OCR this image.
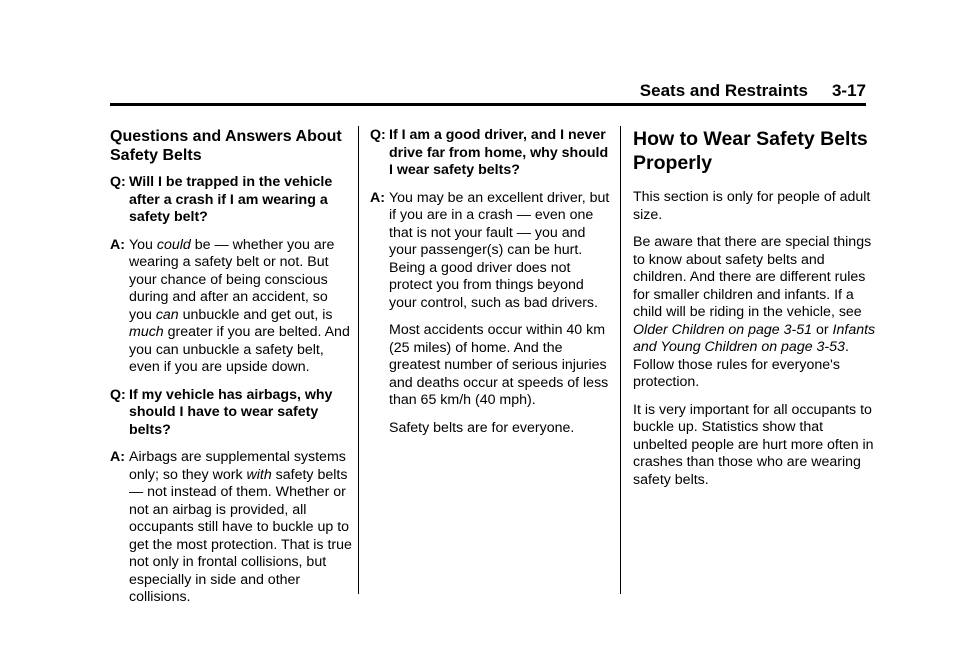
Seats and Restraints 3-17
Questions and Answers About Safety Belts
Q: Will I be trapped in the vehicle after a crash if I am wearing a safety belt?
A: You could be — whether you are wearing a safety belt or not. But your chance of being conscious during and after an accident, so you can unbuckle and get out, is much greater if you are belted. And you can unbuckle a safety belt, even if you are upside down.
Q: If my vehicle has airbags, why should I have to wear safety belts?
A: Airbags are supplemental systems only; so they work with safety belts — not instead of them. Whether or not an airbag is provided, all occupants still have to buckle up to get the most protection. That is true not only in frontal collisions, but especially in side and other collisions.
Q: If I am a good driver, and I never drive far from home, why should I wear safety belts?
A: You may be an excellent driver, but if you are in a crash — even one that is not your fault — you and your passenger(s) can be hurt. Being a good driver does not protect you from things beyond your control, such as bad drivers.
Most accidents occur within 40 km (25 miles) of home. And the greatest number of serious injuries and deaths occur at speeds of less than 65 km/h (40 mph).
Safety belts are for everyone.
How to Wear Safety Belts Properly
This section is only for people of adult size.
Be aware that there are special things to know about safety belts and children. And there are different rules for smaller children and infants. If a child will be riding in the vehicle, see Older Children on page 3-51 or Infants and Young Children on page 3-53. Follow those rules for everyone's protection.
It is very important for all occupants to buckle up. Statistics show that unbelted people are hurt more often in crashes than those who are wearing safety belts.
